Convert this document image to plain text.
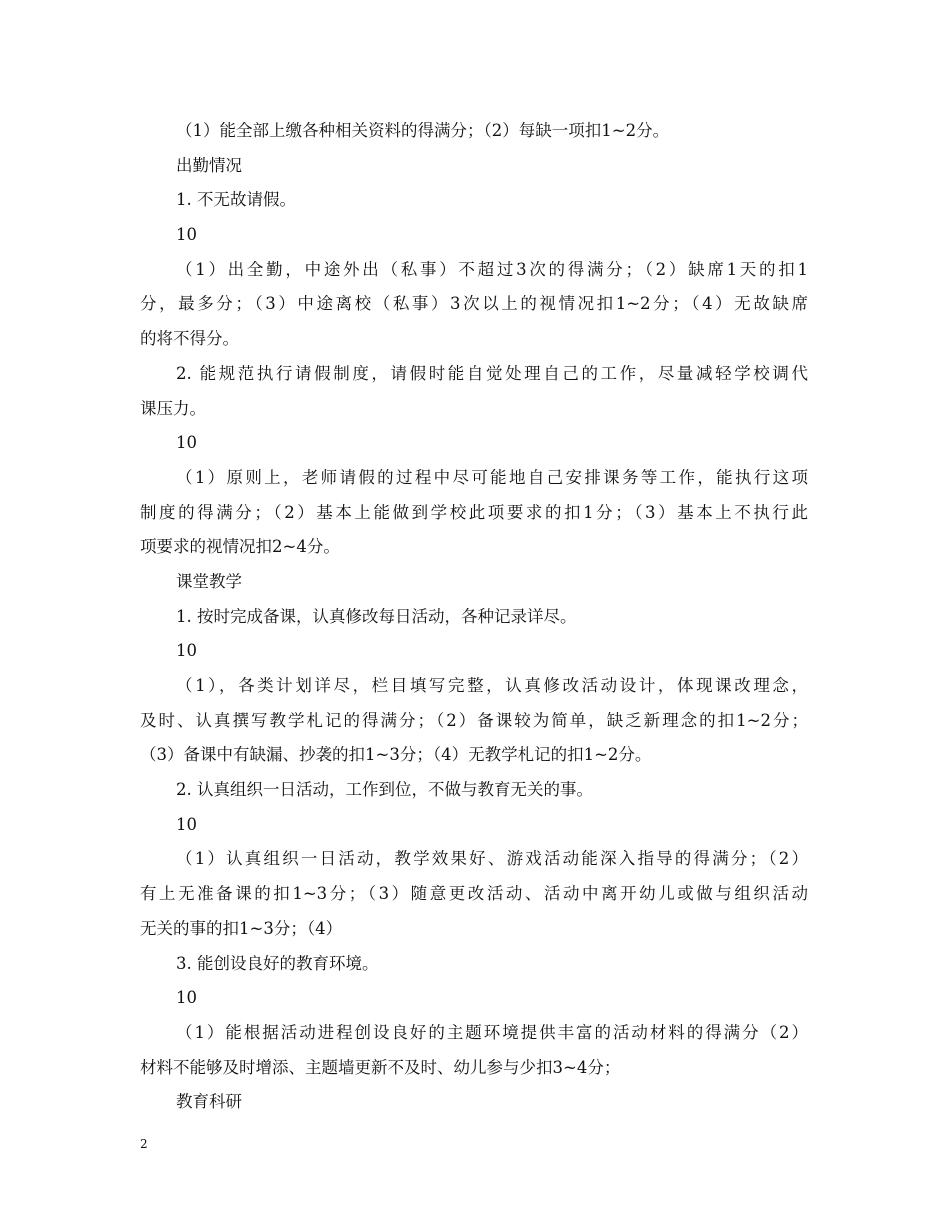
（1）能全部上缴各种相关资料的得满分；（2）每缺一项扣1~2分。
出勤情况
1. 不无故请假。
10
（1）出全勤，中途外出（私事）不超过3次的得满分；（2）缺席1天的扣1
分，最多分；（3）中途离校（私事）3次以上的视情况扣1~2分；（4）无故缺席
的将不得分。
2. 能规范执行请假制度，请假时能自觉处理自己的工作，尽量减轻学校调代
课压力。
10
（1）原则上，老师请假的过程中尽可能地自己安排课务等工作，能执行这项
制度的得满分；（2）基本上能做到学校此项要求的扣1分；（3）基本上不执行此
项要求的视情况扣2~4分。
课堂教学
1. 按时完成备课，认真修改每日活动，各种记录详尽。
10
（1），各类计划详尽，栏目填写完整，认真修改活动设计，体现课改理念，
及时、认真撰写教学札记的得满分；（2）备课较为简单，缺乏新理念的扣1~2分；
（3）备课中有缺漏、抄袭的扣1~3分；（4）无教学札记的扣1~2分。
2. 认真组织一日活动，工作到位，不做与教育无关的事。
10
（1）认真组织一日活动，教学效果好、游戏活动能深入指导的得满分；（2）
有上无准备课的扣1~3分；（3）随意更改活动、活动中离开幼儿或做与组织活动
无关的事的扣1~3分；（4）
3. 能创设良好的教育环境。
10
（1）能根据活动进程创设良好的主题环境提供丰富的活动材料的得满分（2）
材料不能够及时增添、主题墙更新不及时、幼儿参与少扣3~4分；
教育科研
2
